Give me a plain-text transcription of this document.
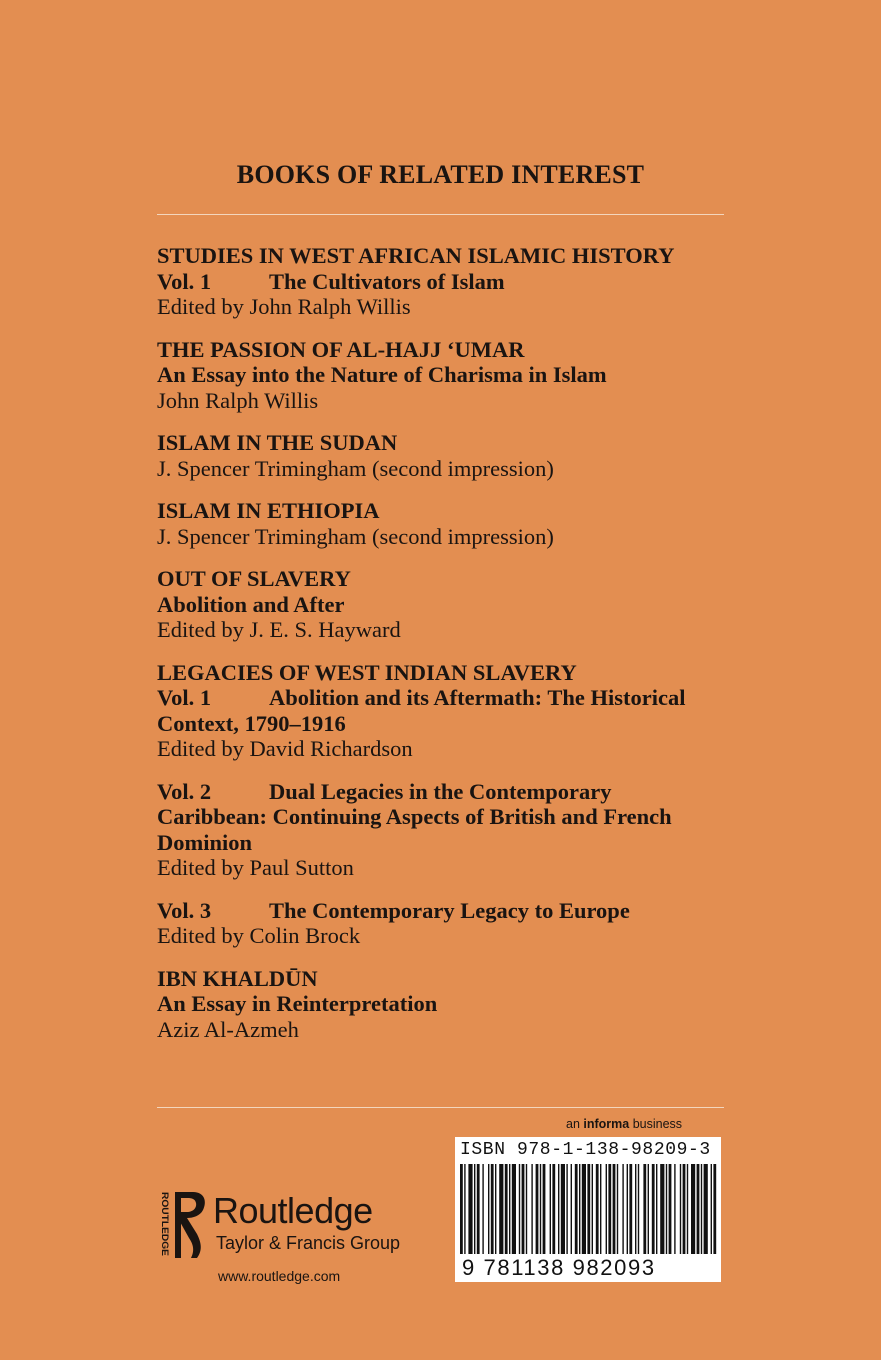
BOOKS OF RELATED INTEREST
STUDIES IN WEST AFRICAN ISLAMIC HISTORY
Vol. 1	The Cultivators of Islam
Edited by John Ralph Willis
THE PASSION OF AL-HAJJ ‘UMAR
An Essay into the Nature of Charisma in Islam
John Ralph Willis
ISLAM IN THE SUDAN
J. Spencer Trimingham (second impression)
ISLAM IN ETHIOPIA
J. Spencer Trimingham (second impression)
OUT OF SLAVERY
Abolition and After
Edited by J. E. S. Hayward
LEGACIES OF WEST INDIAN SLAVERY
Vol. 1	Abolition and its Aftermath: The Historical
Context, 1790–1916
Edited by David Richardson
Vol. 2	Dual Legacies in the Contemporary
Caribbean: Continuing Aspects of British and French
Dominion
Edited by Paul Sutton
Vol. 3	The Contemporary Legacy to Europe
Edited by Colin Brock
IBN KHALDŪN
An Essay in Reinterpretation
Aziz Al-Azmeh
an informa business
ISBN 978-1-138-98209-3
9 781138 982093
ROUTLEDGE Routledge
Taylor & Francis Group
www.routledge.com
